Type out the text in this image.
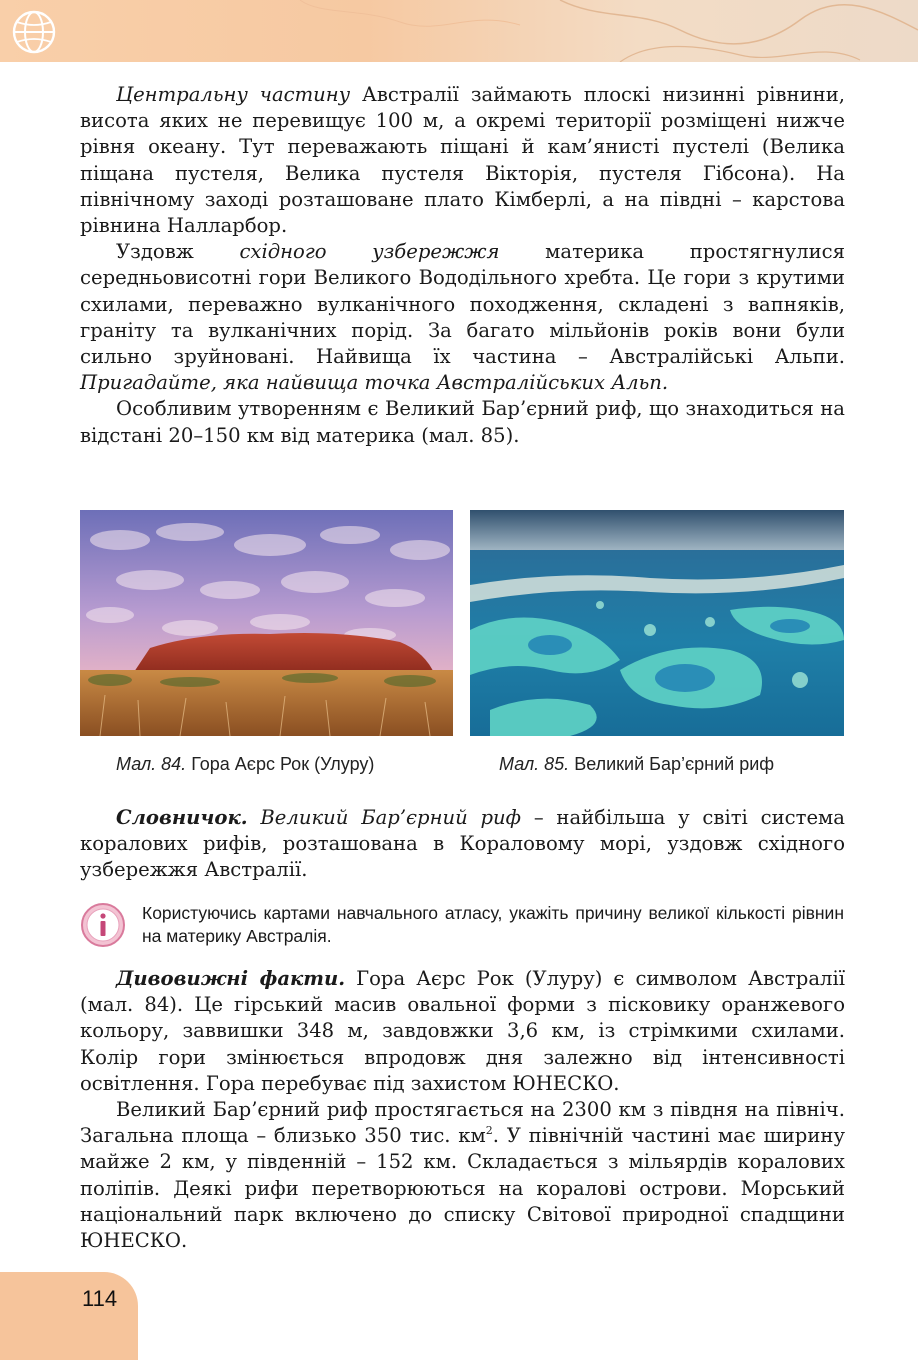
Центральну частину Австралії займають плоскі низинні рівнини, висота яких не перевищує 100 м, а окремі території розміщені нижче рівня океану. Тут переважають піщані й кам’янисті пустелі (Велика піщана пустеля, Велика пустеля Вікторія, пустеля Гібсона). На північному заході розташоване плато Кімберлі, а на півдні – карстова рівнина Наллaрбор.

Уздовж східного узбережжя материка простягнулися середньовисотні гори Великого Вододільного хребта. Це гори з крутими схилами, переважно вулканічного походження, складені з вапняків, граніту та вулканічних порід. За багато мільйонів років вони були сильно зруйновані. Найвища їх частина – Австралійські Альпи. Пригадайте, яка найвища точка Австралійських Альп.

Особливим утворенням є Великий Бар’єрний риф, що знаходиться на відстані 20–150 км від материка (мал. 85).

Мал. 84. Гора Аєрс Рок (Улуру)	Мал. 85. Великий Бар’єрний риф

Словничок. Великий Бар’єрний риф – найбільша у світі система коралових рифів, розташована в Кораловому морі, уздовж східного узбережжя Австралії.

Користуючись картами навчального атласу, укажіть причину великої кількості рівнин на материку Австралія.

Дивовижні факти. Гора Аєрс Рок (Улуру) є символом Австралії (мал. 84). Це гірський масив овальної форми з пісковику оранжевого кольору, заввишки 348 м, завдовжки 3,6 км, із стрімкими схилами. Колір гори змінюється впродовж дня залежно від інтенсивності освітлення. Гора перебуває під захистом ЮНЕСКО.

Великий Бар’єрний риф простягається на 2300 км з півдня на північ. Загальна площа – близько 350 тис. $км^2$. У північній частині має ширину майже 2 км, у південній – 152 км. Складається з мільярдів коралових поліпів. Деякі рифи перетворюються на коралові острови. Морський національний парк включено до списку Світової природної спадщини ЮНЕСКО.

114
